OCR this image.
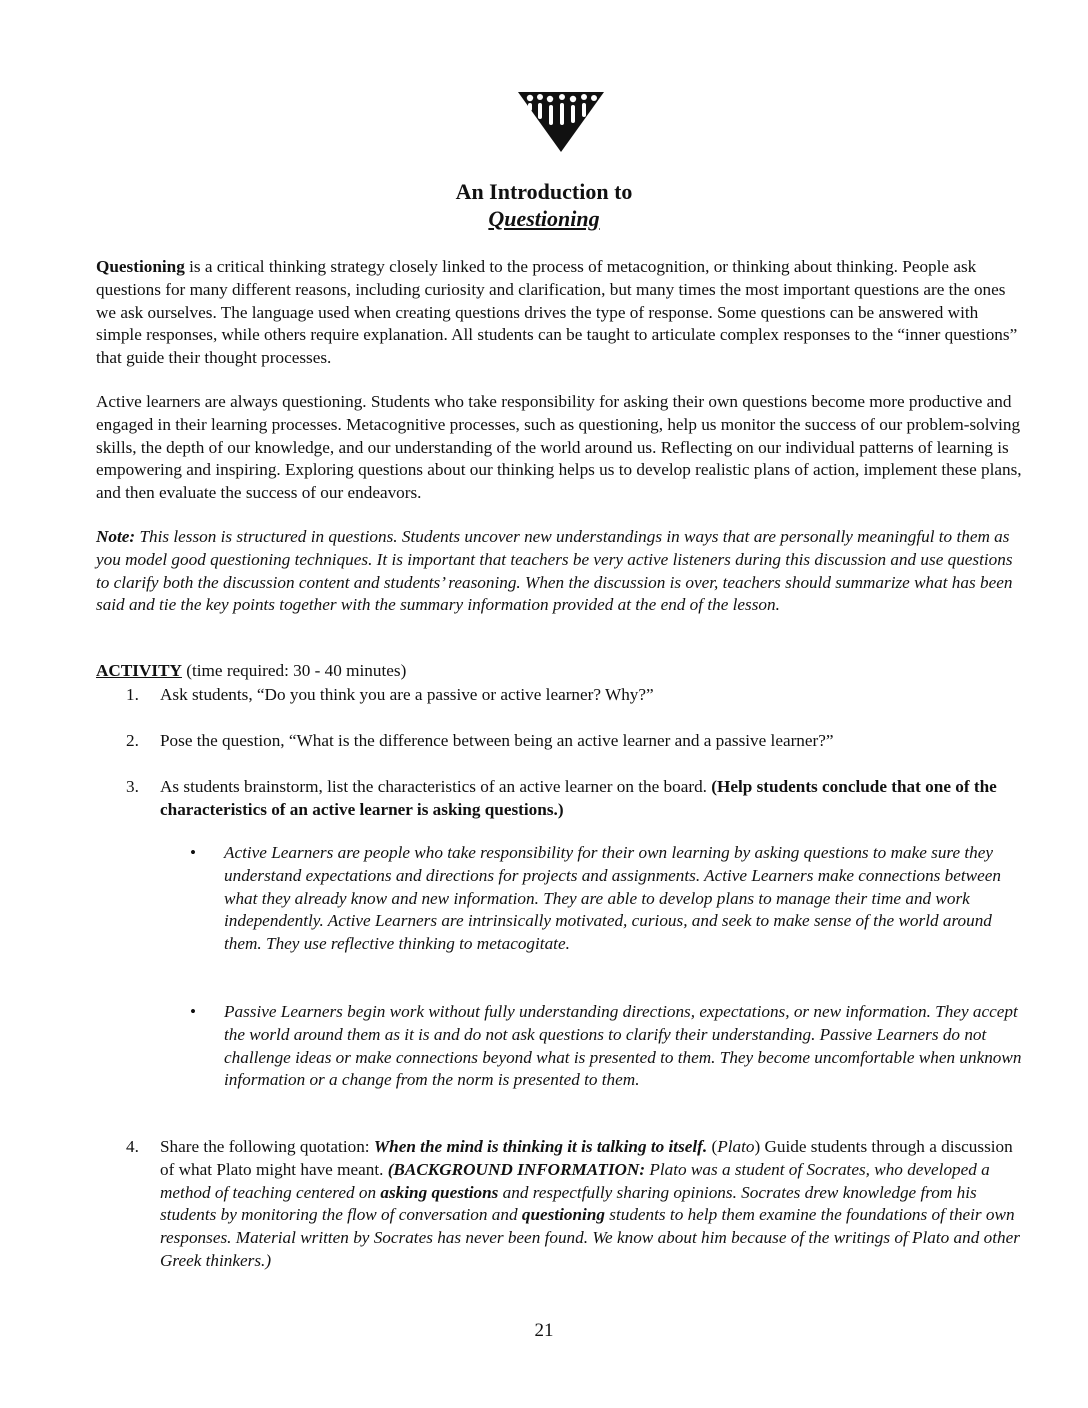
An Introduction to
Questioning

Questioning is a critical thinking strategy closely linked to the process of metacognition, or thinking about thinking. People ask questions for many different reasons, including curiosity and clarification, but many times the most important questions are the ones we ask ourselves. The language used when creating questions drives the type of response. Some questions can be answered with simple responses, while others require explanation. All students can be taught to articulate complex responses to the “inner questions” that guide their thought processes.

Active learners are always questioning. Students who take responsibility for asking their own questions become more productive and engaged in their learning processes. Metacognitive processes, such as questioning, help us monitor the success of our problem-solving skills, the depth of our knowledge, and our understanding of the world around us. Reflecting on our individual patterns of learning is empowering and inspiring. Exploring questions about our thinking helps us to develop realistic plans of action, implement these plans, and then evaluate the success of our endeavors.

Note: This lesson is structured in questions. Students uncover new understandings in ways that are personally meaningful to them as you model good questioning techniques. It is important that teachers be very active listeners during this discussion and use questions to clarify both the discussion content and students’ reasoning. When the discussion is over, teachers should summarize what has been said and tie the key points together with the summary information provided at the end of the lesson.

ACTIVITY (time required: 30 - 40 minutes)
1.	Ask students, “Do you think you are a passive or active learner? Why?”
2.	Pose the question, “What is the difference between being an active learner and a passive learner?”
3.	As students brainstorm, list the characteristics of an active learner on the board. (Help students conclude that one of the characteristics of an active learner is asking questions.)
• Active Learners are people who take responsibility for their own learning by asking questions to make sure they understand expectations and directions for projects and assignments. Active Learners make connections between what they already know and new information. They are able to develop plans to manage their time and work independently. Active Learners are intrinsically motivated, curious, and seek to make sense of the world around them. They use reflective thinking to metacogitate.
• Passive Learners begin work without fully understanding directions, expectations, or new information. They accept the world around them as it is and do not ask questions to clarify their understanding. Passive Learners do not challenge ideas or make connections beyond what is presented to them. They become uncomfortable when unknown information or a change from the norm is presented to them.
4.	Share the following quotation: When the mind is thinking it is talking to itself. (Plato) Guide students through a discussion of what Plato might have meant. (BACKGROUND INFORMATION: Plato was a student of Socrates, who developed a method of teaching centered on asking questions and respectfully sharing opinions. Socrates drew knowledge from his students by monitoring the flow of conversation and questioning students to help them examine the foundations of their own responses. Material written by Socrates has never been found. We know about him because of the writings of Plato and other Greek thinkers.)
21
